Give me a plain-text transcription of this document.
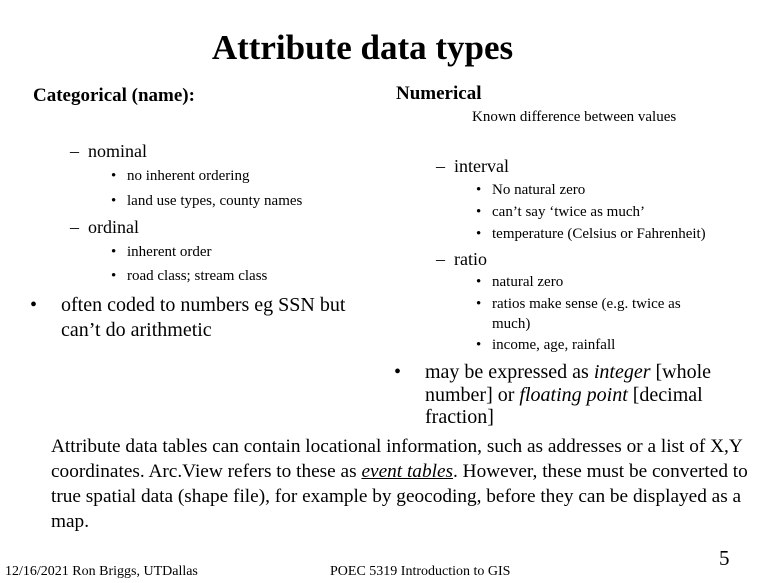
Attribute data types
Categorical (name):
– nominal
• no inherent ordering
• land use types, county names
– ordinal
• inherent order
• road class; stream class
• often coded to numbers eg SSN but
can’t do arithmetic
Numerical
Known difference between values
– interval
• No natural zero
• can’t say ‘twice as much’
• temperature (Celsius or Fahrenheit)
– ratio
• natural zero
• ratios make sense (e.g. twice as
much)
• income, age, rainfall
• may be expressed as integer [whole
number] or floating point [decimal
fraction]
Attribute data tables can contain locational information, such as addresses or a list of X,Y coordinates. Arc.View refers to these as event tables. However, these must be converted to true spatial data (shape file), for example by geocoding, before they can be displayed as a map.
12/16/2021 Ron Briggs, UTDallas	POEC 5319 Introduction to GIS
5
